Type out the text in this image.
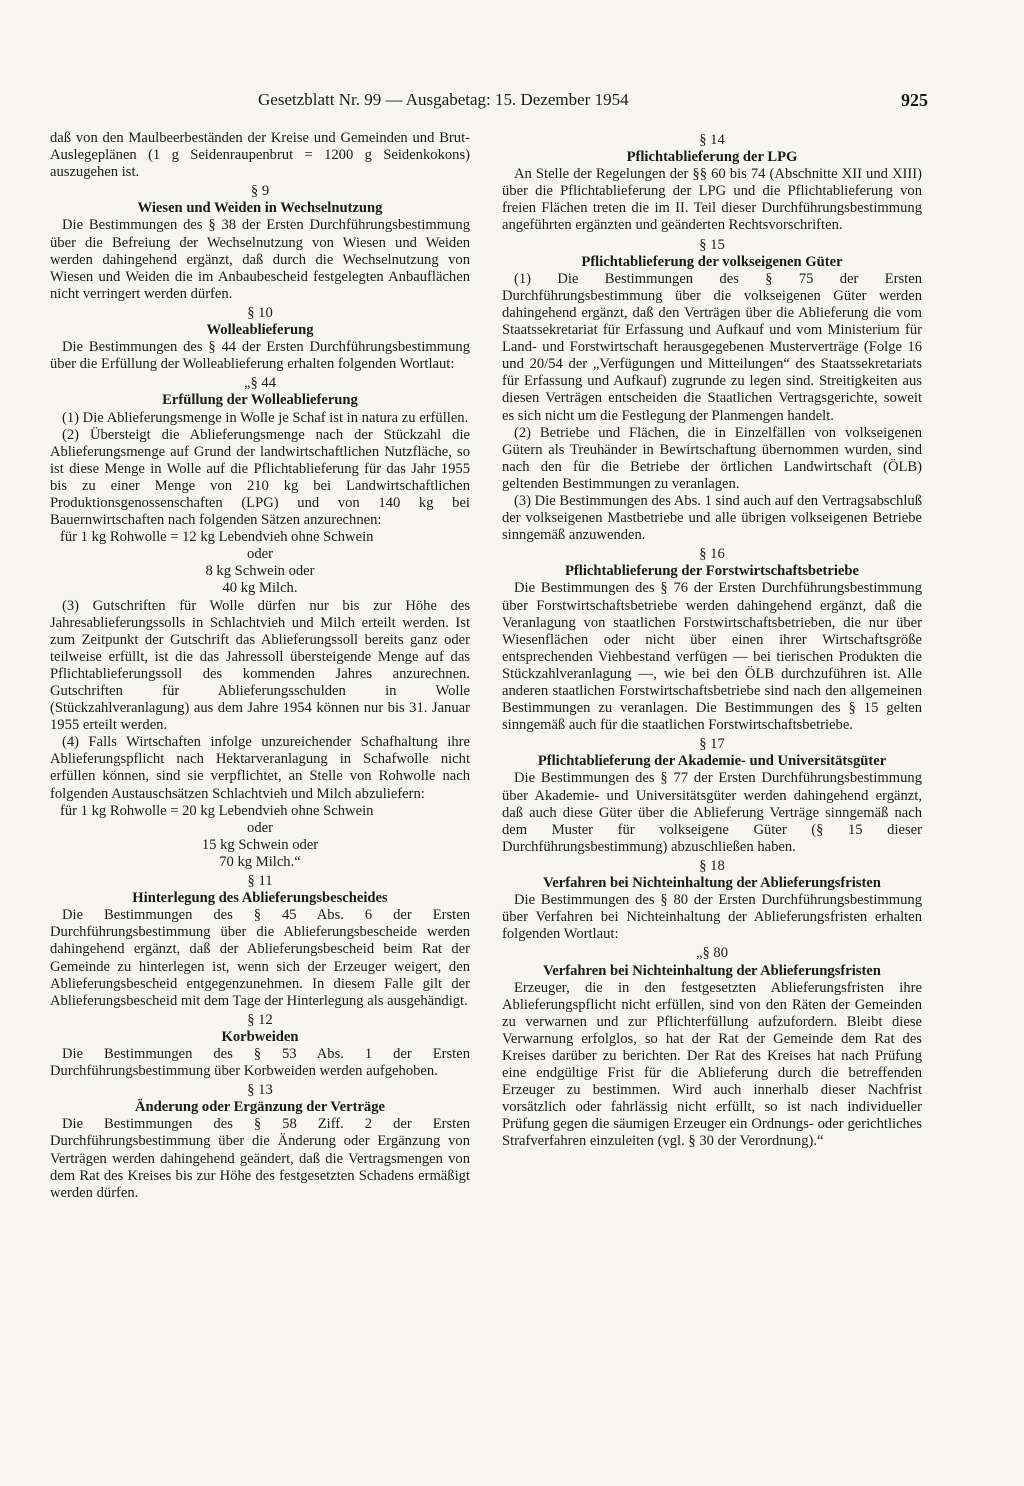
Gesetzblatt Nr. 99 — Ausgabetag: 15. Dezember 1954	925

daß von den Maulbeerbeständen der Kreise und Gemeinden und Brut-Auslegeplänen (1 g Seidenraupenbrut = 1200 g Seidenkokons) auszugehen ist.

§ 9
Wiesen und Weiden in Wechselnutzung

Die Bestimmungen des § 38 der Ersten Durchführungsbestimmung über die Befreiung der Wechselnutzung von Wiesen und Weiden werden dahingehend ergänzt, daß durch die Wechselnutzung von Wiesen und Weiden die im Anbaubescheid festgelegten Anbauflächen nicht verringert werden dürfen.

§ 10
Wolleablieferung

Die Bestimmungen des § 44 der Ersten Durchführungsbestimmung über die Erfüllung der Wolleablieferung erhalten folgenden Wortlaut:

„§ 44
Erfüllung der Wolleablieferung

(1) Die Ablieferungsmenge in Wolle je Schaf ist in natura zu erfüllen.

(2) Übersteigt die Ablieferungsmenge nach der Stückzahl die Ablieferungsmenge auf Grund der landwirtschaftlichen Nutzfläche, so ist diese Menge in Wolle auf die Pflichtablieferung für das Jahr 1955 bis zu einer Menge von 210 kg bei Landwirtschaftlichen Produktionsgenossenschaften (LPG) und von 140 kg bei Bauernwirtschaften nach folgenden Sätzen anzurechnen:

für 1 kg Rohwolle = 12 kg Lebendvieh ohne Schwein
oder
8 kg Schwein oder
40 kg Milch.

(3) Gutschriften für Wolle dürfen nur bis zur Höhe des Jahresablieferungssolls in Schlachtvieh und Milch erteilt werden. Ist zum Zeitpunkt der Gutschrift das Ablieferungssoll bereits ganz oder teilweise erfüllt, ist die das Jahressoll übersteigende Menge auf das Pflichtablieferungssoll des kommenden Jahres anzurechnen. Gutschriften für Ablieferungsschulden in Wolle (Stückzahlveranlagung) aus dem Jahre 1954 können nur bis 31. Januar 1955 erteilt werden.

(4) Falls Wirtschaften infolge unzureichender Schafhaltung ihre Ablieferungspflicht nach Hektarveranlagung in Schafwolle nicht erfüllen können, sind sie verpflichtet, an Stelle von Rohwolle nach folgenden Austauschsätzen Schlachtvieh und Milch abzuliefern:

für 1 kg Rohwolle = 20 kg Lebendvieh ohne Schwein
oder
15 kg Schwein oder
70 kg Milch.“
§ 11
Hinterlegung des Ablieferungsbescheides

Die Bestimmungen des § 45 Abs. 6 der Ersten Durchführungsbestimmung über die Ablieferungsbescheide werden dahingehend ergänzt, daß der Ablieferungsbescheid beim Rat der Gemeinde zu hinterlegen ist, wenn sich der Erzeuger weigert, den Ablieferungsbescheid entgegenzunehmen. In diesem Falle gilt der Ablieferungsbescheid mit dem Tage der Hinterlegung als ausgehändigt.

§ 12
Korbweiden

Die Bestimmungen des § 53 Abs. 1 der Ersten Durchführungsbestimmung über Korbweiden werden aufgehoben.

§ 13
Änderung oder Ergänzung der Verträge

Die Bestimmungen des § 58 Ziff. 2 der Ersten Durchführungsbestimmung über die Änderung oder Ergänzung von Verträgen werden dahingehend geändert, daß die Vertragsmengen von dem Rat des Kreises bis zur Höhe des festgesetzten Schadens ermäßigt werden dürfen.

§ 14
Pflichtablieferung der LPG

An Stelle der Regelungen der §§ 60 bis 74 (Abschnitte XII und XIII) über die Pflichtablieferung der LPG und die Pflichtablieferung von freien Flächen treten die im II. Teil dieser Durchführungsbestimmung angeführten ergänzten und geänderten Rechtsvorschriften.

§ 15
Pflichtablieferung der volkseigenen Güter

(1) Die Bestimmungen des § 75 der Ersten Durchführungsbestimmung über die volkseigenen Güter werden dahingehend ergänzt, daß den Verträgen über die Ablieferung die vom Staatssekretariat für Erfassung und Aufkauf und vom Ministerium für Land- und Forstwirtschaft herausgegebenen Musterverträge (Folge 16 und 20/54 der „Verfügungen und Mitteilungen“ des Staatssekretariats für Erfassung und Aufkauf) zugrunde zu legen sind. Streitigkeiten aus diesen Verträgen entscheiden die Staatlichen Vertragsgerichte, soweit es sich nicht um die Festlegung der Planmengen handelt.

(2) Betriebe und Flächen, die in Einzelfällen von volkseigenen Gütern als Treuhänder in Bewirtschaftung übernommen wurden, sind nach den für die Betriebe der örtlichen Landwirtschaft (ÖLB) geltenden Bestimmungen zu veranlagen.

(3) Die Bestimmungen des Abs. 1 sind auch auf den Vertragsabschluß der volkseigenen Mastbetriebe und alle übrigen volkseigenen Betriebe sinngemäß anzuwenden.

§ 16
Pflichtablieferung der Forstwirtschaftsbetriebe

Die Bestimmungen des § 76 der Ersten Durchführungsbestimmung über Forstwirtschaftsbetriebe werden dahingehend ergänzt, daß die Veranlagung von staatlichen Forstwirtschaftsbetrieben, die nur über Wiesenflächen oder nicht über einen ihrer Wirtschaftsgröße entsprechenden Viehbestand verfügen — bei tierischen Produkten die Stückzahlveranlagung —, wie bei den ÖLB durchzuführen ist. Alle anderen staatlichen Forstwirtschaftsbetriebe sind nach den allgemeinen Bestimmungen zu veranlagen. Die Bestimmungen des § 15 gelten sinngemäß auch für die staatlichen Forstwirtschaftsbetriebe.

§ 17
Pflichtablieferung der Akademie- und Universitätsgüter

Die Bestimmungen des § 77 der Ersten Durchführungsbestimmung über Akademie- und Universitätsgüter werden dahingehend ergänzt, daß auch diese Güter über die Ablieferung Verträge sinngemäß nach dem Muster für volkseigene Güter (§ 15 dieser Durchführungsbestimmung) abzuschließen haben.

§ 18
Verfahren bei Nichteinhaltung der Ablieferungsfristen

Die Bestimmungen des § 80 der Ersten Durchführungsbestimmung über Verfahren bei Nichteinhaltung der Ablieferungsfristen erhalten folgenden Wortlaut:

„§ 80
Verfahren bei Nichteinhaltung der Ablieferungsfristen

Erzeuger, die in den festgesetzten Ablieferungsfristen ihre Ablieferungspflicht nicht erfüllen, sind von den Räten der Gemeinden zu verwarnen und zur Pflichterfüllung aufzufordern. Bleibt diese Verwarnung erfolglos, so hat der Rat der Gemeinde dem Rat des Kreises darüber zu berichten. Der Rat des Kreises hat nach Prüfung eine endgültige Frist für die Ablieferung durch die betreffenden Erzeuger zu bestimmen. Wird auch innerhalb dieser Nachfrist vorsätzlich oder fahrlässig nicht erfüllt, so ist nach individueller Prüfung gegen die säumigen Erzeuger ein Ordnungs- oder gerichtliches Strafverfahren einzuleiten (vgl. § 30 der Verordnung).“
